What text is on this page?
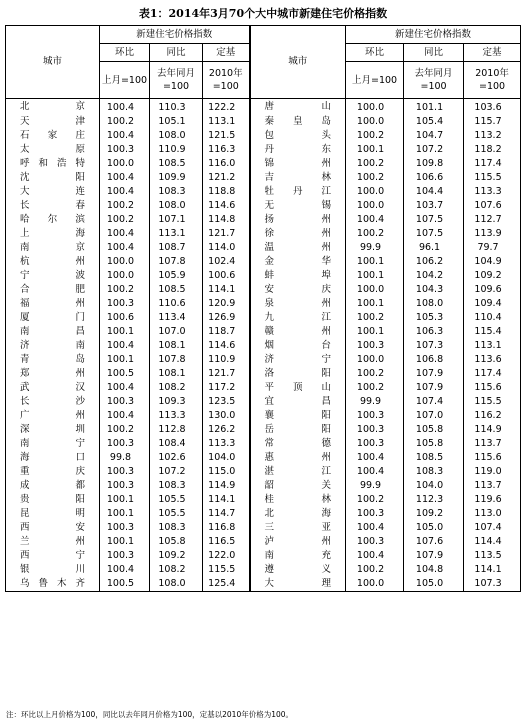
表1：2014年3月70个大中城市新建住宅价格指数
城市	新建住宅价格指数			城市	新建住宅价格指数		
	环比	同比	定基		环比	同比	定基
	上月=100	去年同月=100	2010年=100		上月=100	去年同月=100	2010年=100
北京	100.4	110.3	122.2	唐山	100.0	101.1	103.6
天津	100.2	105.1	113.1	秦皇岛	100.0	105.4	115.7
石家庄	100.4	108.0	121.5	包头	100.2	104.7	113.2
太原	100.3	110.9	116.3	丹东	100.1	107.2	118.2
呼和浩特	100.0	108.5	116.0	锦州	100.2	109.8	117.4
沈阳	100.4	109.9	121.2	吉林	100.2	106.6	115.5
大连	100.4	108.3	118.8	牡丹江	100.0	104.4	113.3
长春	100.2	108.0	114.6	无锡	100.0	103.7	107.6
哈尔滨	100.2	107.1	114.8	扬州	100.4	107.5	112.7
上海	100.4	113.1	121.7	徐州	100.2	107.5	113.9
南京	100.4	108.7	114.0	温州	99.9	96.1	79.7
杭州	100.0	107.8	102.4	金华	100.1	106.2	104.9
宁波	100.0	105.9	100.6	蚌埠	100.1	104.2	109.2
合肥	100.2	108.5	114.1	安庆	100.0	104.3	109.6
福州	100.3	110.6	120.9	泉州	100.1	108.0	109.4
厦门	100.6	113.4	126.9	九江	100.2	105.3	110.4
南昌	100.1	107.0	118.7	赣州	100.1	106.3	115.4
济南	100.4	108.1	114.6	烟台	100.3	107.3	113.1
青岛	100.1	107.8	110.9	济宁	100.0	106.8	113.6
郑州	100.5	108.1	121.7	洛阳	100.2	107.9	117.4
武汉	100.4	108.2	117.2	平顶山	100.2	107.9	115.6
长沙	100.3	109.3	123.5	宜昌	99.9	107.4	115.5
广州	100.4	113.3	130.0	襄阳	100.3	107.0	116.2
深圳	100.2	112.8	126.2	岳阳	100.3	105.8	114.9
南宁	100.3	108.4	113.3	常德	100.3	105.8	113.7
海口	99.8	102.6	104.0	惠州	100.4	108.5	115.6
重庆	100.3	107.2	115.0	湛江	100.4	108.3	119.0
成都	100.3	108.3	114.9	韶关	99.9	104.0	113.7
贵阳	100.1	105.5	114.1	桂林	100.2	112.3	119.6
昆明	100.1	105.5	114.7	北海	100.3	109.2	113.0
西安	100.3	108.3	116.8	三亚	100.4	105.0	107.4
兰州	100.1	105.8	116.5	泸州	100.3	107.6	114.4
西宁	100.3	109.2	122.0	南充	100.4	107.9	113.5
银川	100.4	108.2	115.5	遵义	100.2	104.8	114.1
乌鲁木齐	100.5	108.0	125.4	大理	100.0	105.0	107.3
注：环比以上月价格为100，同比以去年同月价格为100，定基以2010年价格为100。
